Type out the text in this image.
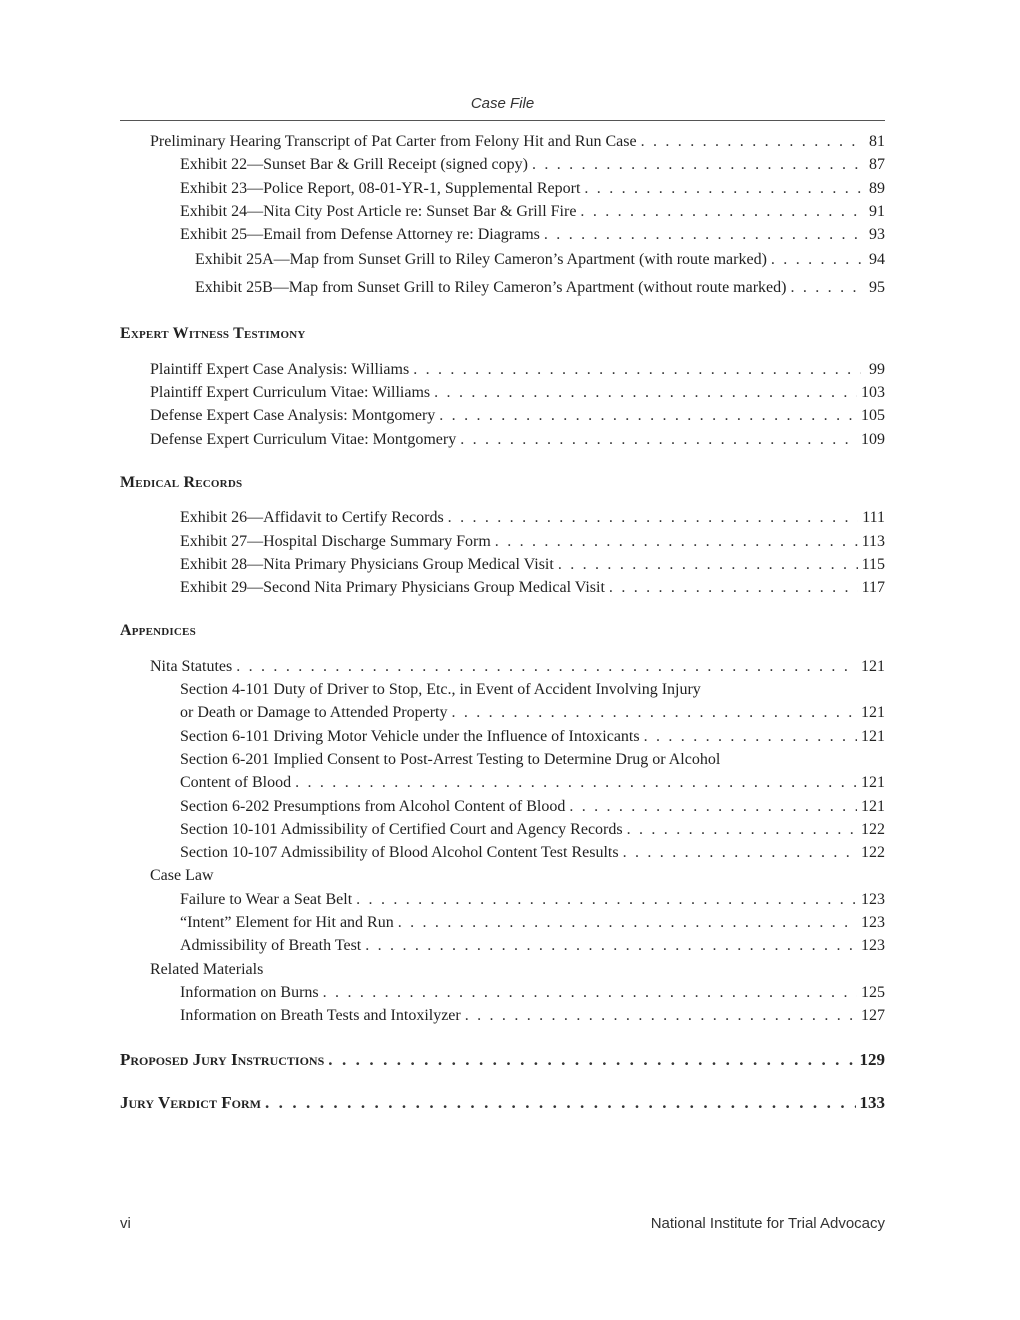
Case File
Preliminary Hearing Transcript of Pat Carter from Felony Hit and Run Case . . .	81
Exhibit 22—Sunset Bar & Grill Receipt (signed copy) . . .	87
Exhibit 23—Police Report, 08-01-YR-1, Supplemental Report . . .	89
Exhibit 24—Nita City Post Article re: Sunset Bar & Grill Fire . . .	91
Exhibit 25—Email from Defense Attorney re: Diagrams . . .	93
Exhibit 25A—Map from Sunset Grill to Riley Cameron’s Apartment (with route marked) . . .	94
Exhibit 25B—Map from Sunset Grill to Riley Cameron’s Apartment (without route marked) . . .	95
Expert Witness Testimony
Plaintiff Expert Case Analysis: Williams . . .	99
Plaintiff Expert Curriculum Vitae: Williams . . .	103
Defense Expert Case Analysis: Montgomery . . .	105
Defense Expert Curriculum Vitae: Montgomery . . .	109
Medical Records
Exhibit 26—Affidavit to Certify Records . . .	111
Exhibit 27—Hospital Discharge Summary Form . . .	113
Exhibit 28—Nita Primary Physicians Group Medical Visit . . .	115
Exhibit 29—Second Nita Primary Physicians Group Medical Visit . . .	117
Appendices
Nita Statutes . . .	121
Section 4-101 Duty of Driver to Stop, Etc., in Event of Accident Involving Injury
or Death or Damage to Attended Property . . .	121
Section 6-101 Driving Motor Vehicle under the Influence of Intoxicants . . .	121
Section 6-201 Implied Consent to Post-Arrest Testing to Determine Drug or Alcohol
Content of Blood . . .	121
Section 6-202 Presumptions from Alcohol Content of Blood . . .	121
Section 10-101 Admissibility of Certified Court and Agency Records . . .	122
Section 10-107 Admissibility of Blood Alcohol Content Test Results . . .	122
Case Law
Failure to Wear a Seat Belt . . .	123
“Intent” Element for Hit and Run . . .	123
Admissibility of Breath Test . . .	123
Related Materials
Information on Burns . . .	125
Information on Breath Tests and Intoxilyzer . . .	127
Proposed Jury Instructions . . .	129
Jury Verdict Form . . .	133
vi	National Institute for Trial Advocacy
